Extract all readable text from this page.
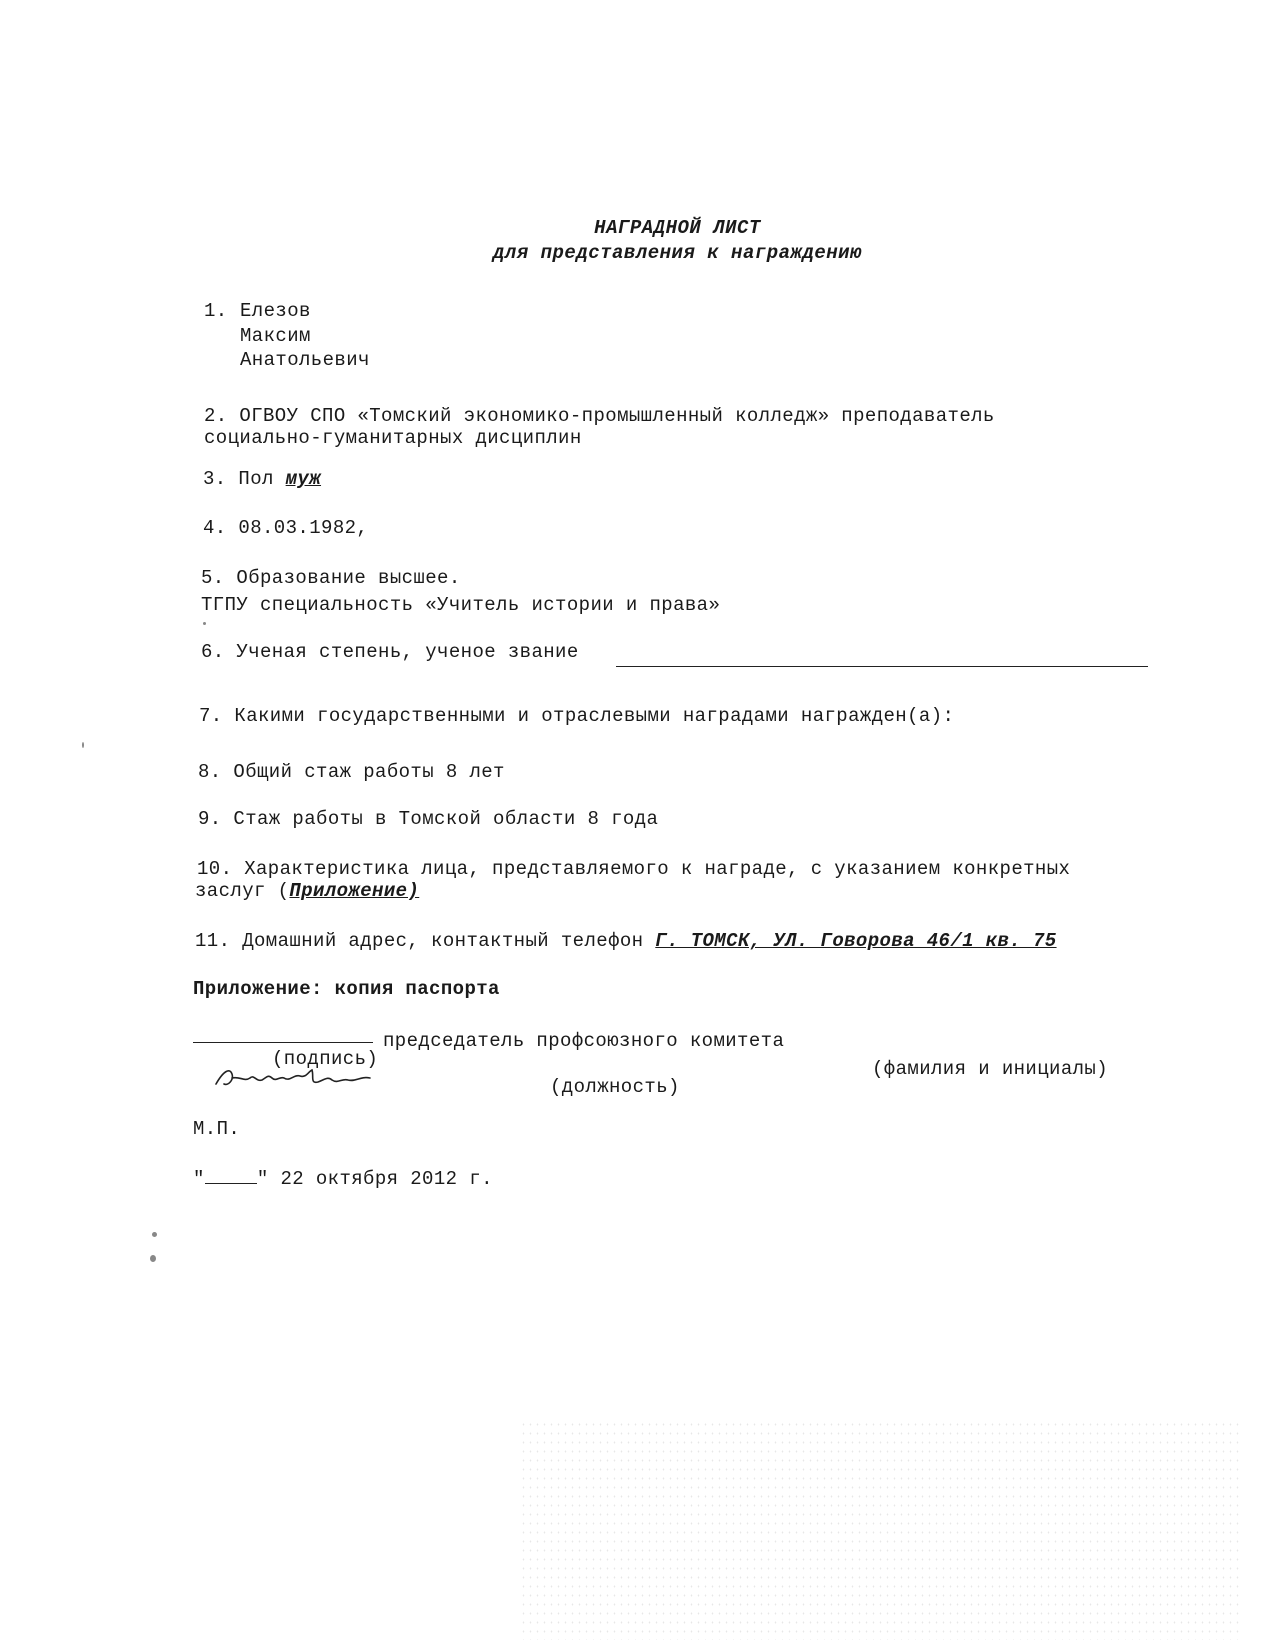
НАГРАДНОЙ ЛИСТ
для представления к награждению
1. Елезов
Максим
Анатольевич
2. ОГВОУ СПО «Томский экономико-промышленный колледж» преподаватель
социально-гуманитарных дисциплин
3. Пол муж
4. 08.03.1982,
5. Образование высшее.
ТГПУ специальность «Учитель истории и права»
6. Ученая степень, ученое звание
7. Какими государственными и отраслевыми наградами награжден(а):
8. Общий стаж работы 8 лет
9. Стаж работы в Томской области 8 года
10. Характеристика лица, представляемого к награде, с указанием конкретных
заслуг (Приложение)
11. Домашний адрес, контактный телефон Г. ТОМСК, УЛ. Говорова 46/1 кв. 75
Приложение: копия паспорта
председатель профсоюзного комитета
(подпись)	(фамилия и инициалы)
(должность)
М.П.
"	" 22 октября 2012 г.
